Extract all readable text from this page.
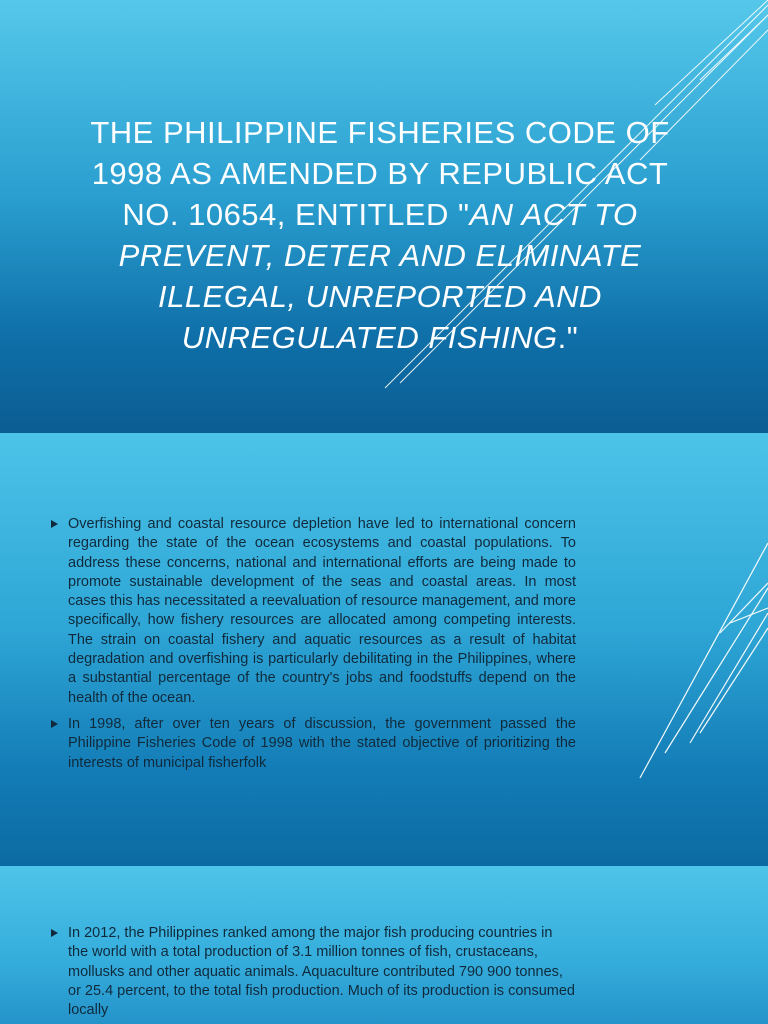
THE PHILIPPINE FISHERIES CODE OF 1998 AS AMENDED BY REPUBLIC ACT NO. 10654, ENTITLED "AN ACT TO PREVENT, DETER AND ELIMINATE ILLEGAL, UNREPORTED AND UNREGULATED FISHING."
Overfishing and coastal resource depletion have led to international concern regarding the state of the ocean ecosystems and coastal populations. To address these concerns, national and international efforts are being made to promote sustainable development of the seas and coastal areas. In most cases this has necessitated a reevaluation of resource management, and more specifically, how fishery resources are allocated among competing interests. The strain on coastal fishery and aquatic resources as a result of habitat degradation and overfishing is particularly debilitating in the Philippines, where a substantial percentage of the country's jobs and foodstuffs depend on the health of the ocean.
In 1998, after over ten years of discussion, the government passed the Philippine Fisheries Code of 1998 with the stated objective of prioritizing the interests of municipal fisherfolk
In 2012, the Philippines ranked among the major fish producing countries in the world with a total production of 3.1 million tonnes of fish, crustaceans, mollusks and other aquatic animals. Aquaculture contributed 790 900 tonnes, or 25.4 percent, to the total fish production. Much of its production is consumed locally
